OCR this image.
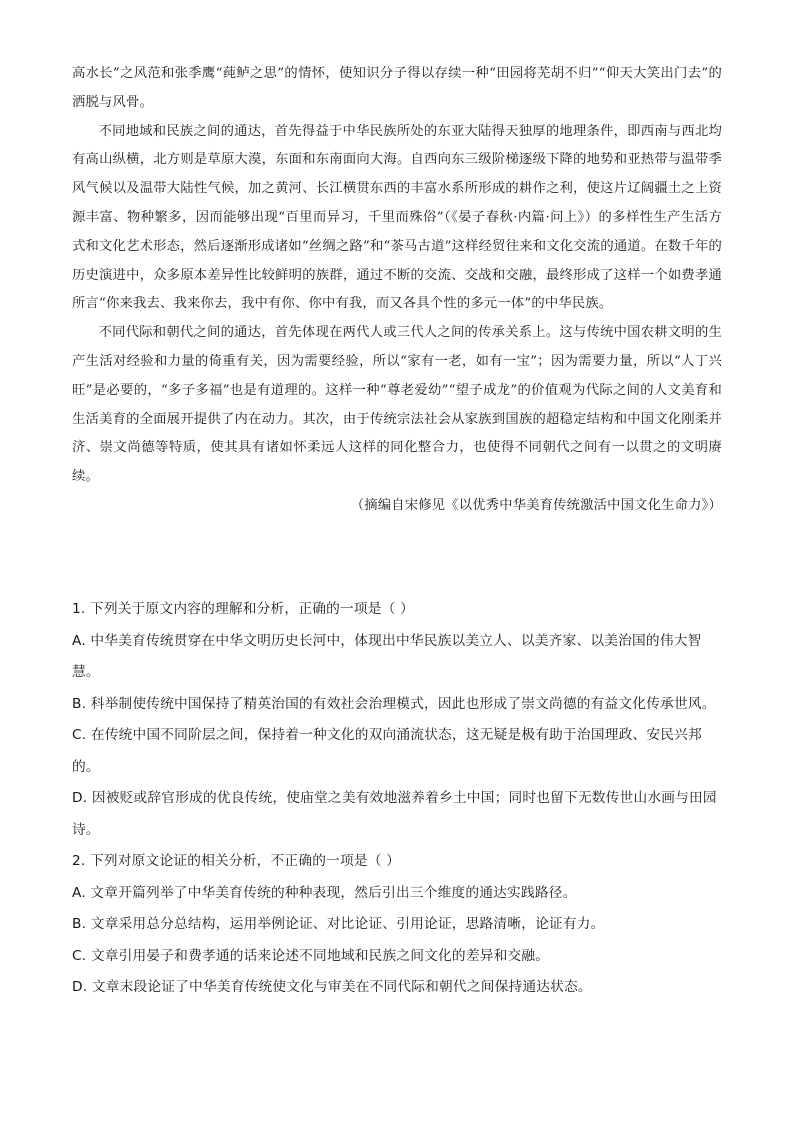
高水长”之风范和张季鹰“莼鲈之思”的情怀，使知识分子得以存续一种“田园将芜胡不归”“仰天大笑出门去”的洒脱与风骨。

不同地域和民族之间的通达，首先得益于中华民族所处的东亚大陆得天独厚的地理条件，即西南与西北均有高山纵横，北方则是草原大漠，东面和东南面向大海。自西向东三级阶梯逐级下降的地势和亚热带与温带季风气候以及温带大陆性气候，加之黄河、长江横贯东西的丰富水系所形成的耕作之利，使这片辽阔疆土之上资源丰富、物种繁多，因而能够出现“百里而异习，千里而殊俗”（《晏子春秋·内篇·问上》）的多样性生产生活方式和文化艺术形态，然后逐渐形成诸如“丝绸之路”和“茶马古道”这样经贸往来和文化交流的通道。在数千年的历史演进中，众多原本差异性比较鲜明的族群，通过不断的交流、交战和交融，最终形成了这样一个如费孝通所言“你来我去、我来你去，我中有你、你中有我，而又各具个性的多元一体”的中华民族。

不同代际和朝代之间的通达，首先体现在两代人或三代人之间的传承关系上。这与传统中国农耕文明的生产生活对经验和力量的倚重有关，因为需要经验，所以“家有一老，如有一宝”；因为需要力量，所以“人丁兴旺”是必要的，“多子多福”也是有道理的。这样一种“尊老爱幼”“望子成龙”的价值观为代际之间的人文美育和生活美育的全面展开提供了内在动力。其次，由于传统宗法社会从家族到国族的超稳定结构和中国文化刚柔并济、崇文尚德等特质，使其具有诸如怀柔远人这样的同化整合力，也使得不同朝代之间有一以贯之的文明赓续。

（摘编自宋修见《以优秀中华美育传统激活中国文化生命力》）

1. 下列关于原文内容的理解和分析，正确的一项是（ ）

A. 中华美育传统贯穿在中华文明历史长河中，体现出中华民族以美立人、以美齐家、以美治国的伟大智慧。

B. 科举制使传统中国保持了精英治国的有效社会治理模式，因此也形成了崇文尚德的有益文化传承世风。

C. 在传统中国不同阶层之间，保持着一种文化的双向涌流状态，这无疑是极有助于治国理政、安民兴邦的。

D. 因被贬或辞官形成的优良传统，使庙堂之美有效地滋养着乡土中国；同时也留下无数传世山水画与田园诗。

2. 下列对原文论证的相关分析，不正确的一项是（ ）

A. 文章开篇列举了中华美育传统的种种表现，然后引出三个维度的通达实践路径。

B. 文章采用总分总结构，运用举例论证、对比论证、引用论证，思路清晰，论证有力。

C. 文章引用晏子和费孝通的话来论述不同地域和民族之间文化的差异和交融。

D. 文章末段论证了中华美育传统使文化与审美在不同代际和朝代之间保持通达状态。
